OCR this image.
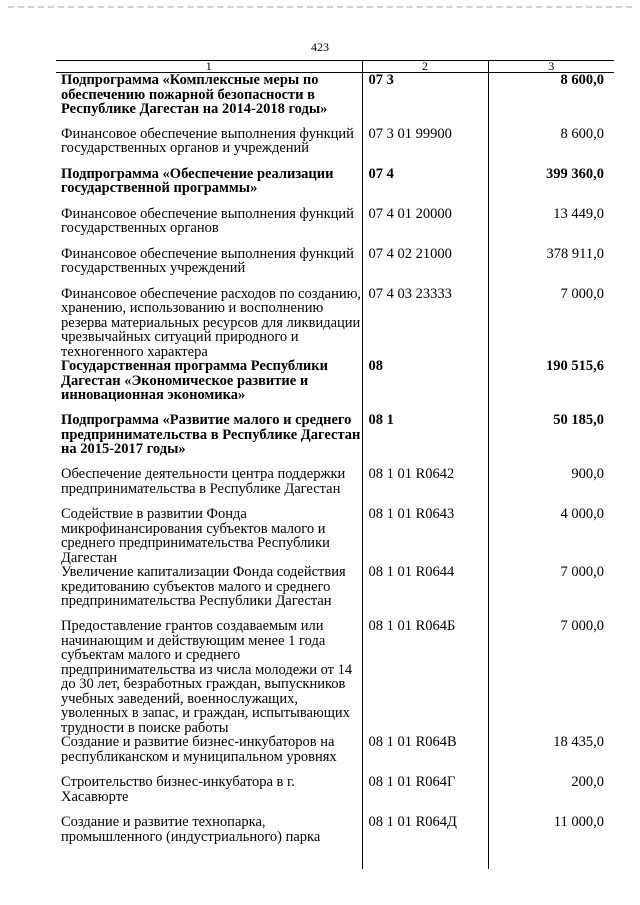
423
1	2	3
Подпрограмма «Комплексные меры по обеспечению пожарной безопасности в Республике Дагестан на 2014-2018 годы»	07 3	8 600,0
Финансовое обеспечение выполнения функций государственных органов и учреждений	07 3 01 99900	8 600,0
Подпрограмма «Обеспечение реализации государственной программы»	07 4	399 360,0
Финансовое обеспечение выполнения функций государственных органов	07 4 01 20000	13 449,0
Финансовое обеспечение выполнения функций государственных учреждений	07 4 02 21000	378 911,0
Финансовое обеспечение расходов по созданию, хранению, использованию и восполнению резерва материальных ресурсов для ликвидации чрезвычайных ситуаций природного и техногенного характера	07 4 03 23333	7 000,0
Государственная программа Республики Дагестан «Экономическое развитие и инновационная экономика»	08	190 515,6
Подпрограмма «Развитие малого и среднего предпринимательства в Республике Дагестан на 2015-2017 годы»	08 1	50 185,0
Обеспечение деятельности центра поддержки предпринимательства в Республике Дагестан	08 1 01 R0642	900,0
Содействие в развитии Фонда микрофинансирования субъектов малого и среднего предпринимательства Республики Дагестан	08 1 01 R0643	4 000,0
Увеличение капитализации Фонда содействия кредитованию субъектов малого и среднего предпринимательства Республики Дагестан	08 1 01 R0644	7 000,0
Предоставление грантов создаваемым или начинающим и действующим менее 1 года субъектам малого и среднего предпринимательства из числа молодежи от 14 до 30 лет, безработных граждан, выпускников учебных заведений, военнослужащих, уволенных в запас, и граждан, испытывающих трудности в поиске работы	08 1 01 R064Б	7 000,0
Создание и развитие бизнес-инкубаторов на республиканском и муниципальном уровнях	08 1 01 R064В	18 435,0
Строительство бизнес-инкубатора в г. Хасавюрте	08 1 01 R064Г	200,0
Создание и развитие технопарка, промышленного (индустриального) парка	08 1 01 R064Д	11 000,0
